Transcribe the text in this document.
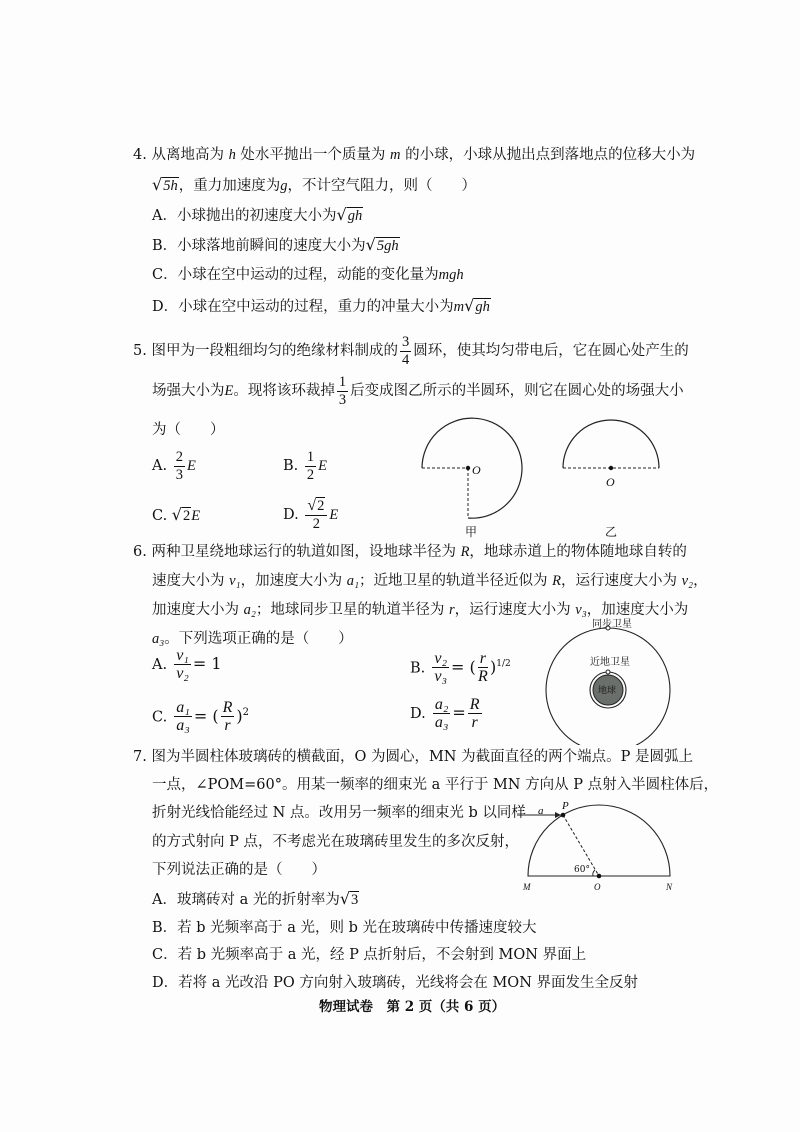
4. 从离地高为 h 处水平抛出一个质量为 m 的小球，小球从抛出点到落地点的位移大小为
√5h，重力加速度为g，不计空气阻力，则（　　）
A．小球抛出的初速度大小为√gh
B．小球落地前瞬间的速度大小为√5gh
C．小球在空中运动的过程，动能的变化量为mgh
D．小球在空中运动的过程，重力的冲量大小为m√gh
5. 图甲为一段粗细均匀的绝缘材料制成的 $\frac{3}{4}$ 圆环，使其均匀带电后，它在圆心处产生的
场强大小为E。现将该环裁掉 $\frac{1}{3}$ 后变成图乙所示的半圆环，则它在圆心处的场强大小
为（　　）
A. $\frac{2}{3}$ E	B. $\frac{1}{2}$ E
C. √2E	D. $\frac{√2}{2}$ E
O
O
甲	乙
6. 两种卫星绕地球运行的轨道如图，设地球半径为 R，地球赤道上的物体随地球自转的
速度大小为 v₁，加速度大小为 a₁；近地卫星的轨道半径近似为 R，运行速度大小为 v₂，
加速度大小为 a₂；地球同步卫星的轨道半径为 r，运行速度大小为 v₃，加速度大小为
a₃。下列选项正确的是（　　）
A. $\frac{\text{v₁}}{\text{v₂}} = 1$	B. $\frac{\text{v₂}}{\text{v₃}}$ = ( $\frac{r}{R} )^{1/2}$
C. $\frac{\text{a₁}}{\text{a₃}}$ = ( $\frac{R}{r} )^2$	D. $\frac{\text{a₂}}{\text{a₃}} = \frac{R}{r}$
同步卫星
近地卫星
地球
7. 图为半圆柱体玻璃砖的横截面，O 为圆心，MN 为截面直径的两个端点。P 是圆弧上
一点，∠POM=60°。用某一频率的细束光 a 平行于 MN 方向从 P 点射入半圆柱体后，
折射光线恰能经过 N 点。改用另一频率的细束光 b 以同样
的方式射向 P 点，不考虑光在玻璃砖里发生的多次反射，
下列说法正确的是（　　）
A．玻璃砖对 a 光的折射率为√3
B．若 b 光频率高于 a 光，则 b 光在玻璃砖中传播速度较大
C．若 b 光频率高于 a 光，经 P 点折射后，不会射到 MON 界面上
D．若将 a 光改沿 PO 方向射入玻璃砖，光线将会在 MON 界面发生全反射
a P
60°
M	O	N
物理试卷　第 2 页（共 6 页）
